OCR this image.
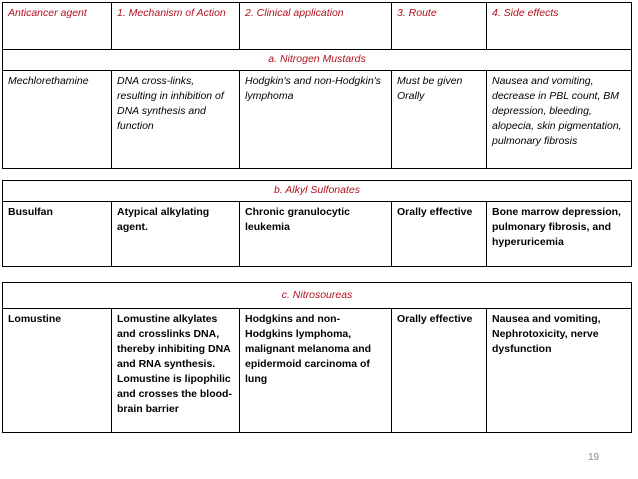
Anticancer agent	1. Mechanism of Action	2. Clinical application	3. Route	4. Side effects
a. Nitrogen Mustards				
Mechlorethamine	DNA cross-links, resulting in inhibition of DNA synthesis and function	Hodgkin's and non-Hodgkin's lymphoma	Must be given Orally	Nausea and vomiting, decrease in PBL count, BM depression, bleeding, alopecia, skin pigmentation, pulmonary fibrosis
b. Alkyl Sulfonates
Busulfan	Atypical alkylating agent.	Chronic granulocytic leukemia	Orally effective	Bone marrow depression, pulmonary fibrosis, and hyperuricemia
c. Nitrosoureas
Lomustine	Lomustine alkylates and crosslinks DNA, thereby inhibiting DNA and RNA synthesis. Lomustine is lipophilic and crosses the blood-brain barrier	Hodgkins and non-Hodgkins lymphoma, malignant melanoma and epidermoid carcinoma of lung	Orally effective	Nausea and vomiting, Nephrotoxicity, nerve dysfunction
19
